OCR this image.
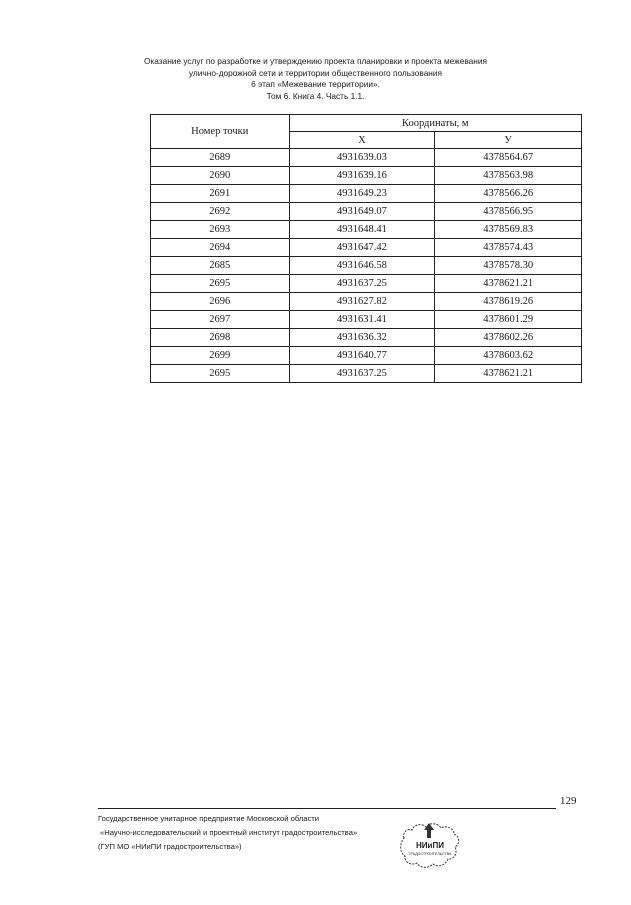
Оказание услуг по разработке и утверждению проекта планировки и проекта межевания
улично-дорожной сети и территории общественного пользования
6 этап «Межевание территории».
Том 6. Книга 4. Часть 1.1.
Номер точки	Координаты, м	
	X	У
2689	4931639.03	4378564.67
2690	4931639.16	4378563.98
2691	4931649.23	4378566.26
2692	4931649.07	4378566.95
2693	4931648.41	4378569.83
2694	4931647.42	4378574.43
2685	4931646.58	4378578.30
2695	4931637.25	4378621.21
2696	4931627.82	4378619.26
2697	4931631.41	4378601.29
2698	4931636.32	4378602.26
2699	4931640.77	4378603.62
2695	4931637.25	4378621.21
129
Государственное унитарное предприятие Московской области
«Научно-исследовательский и проектный институт градостроительства»
(ГУП МО «НИиПИ градостроительства»)	НИиПИ
ГРАДОСТРОИТЕЛЬСТВА
